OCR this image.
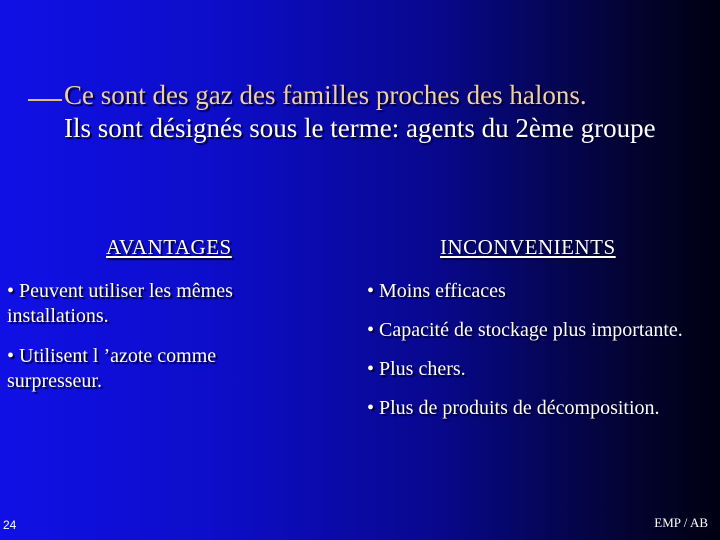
Ce sont des gaz des familles proches des halons.
Ils sont désignés sous le terme: agents du 2ème groupe
AVANTAGES	INCONVENIENTS
• Peuvent utiliser les mêmes installations.
• Utilisent l ’azote comme surpresseur.
• Moins efficaces
• Capacité de stockage plus importante.
• Plus chers.
• Plus de produits de décomposition.
24	EMP / AB
